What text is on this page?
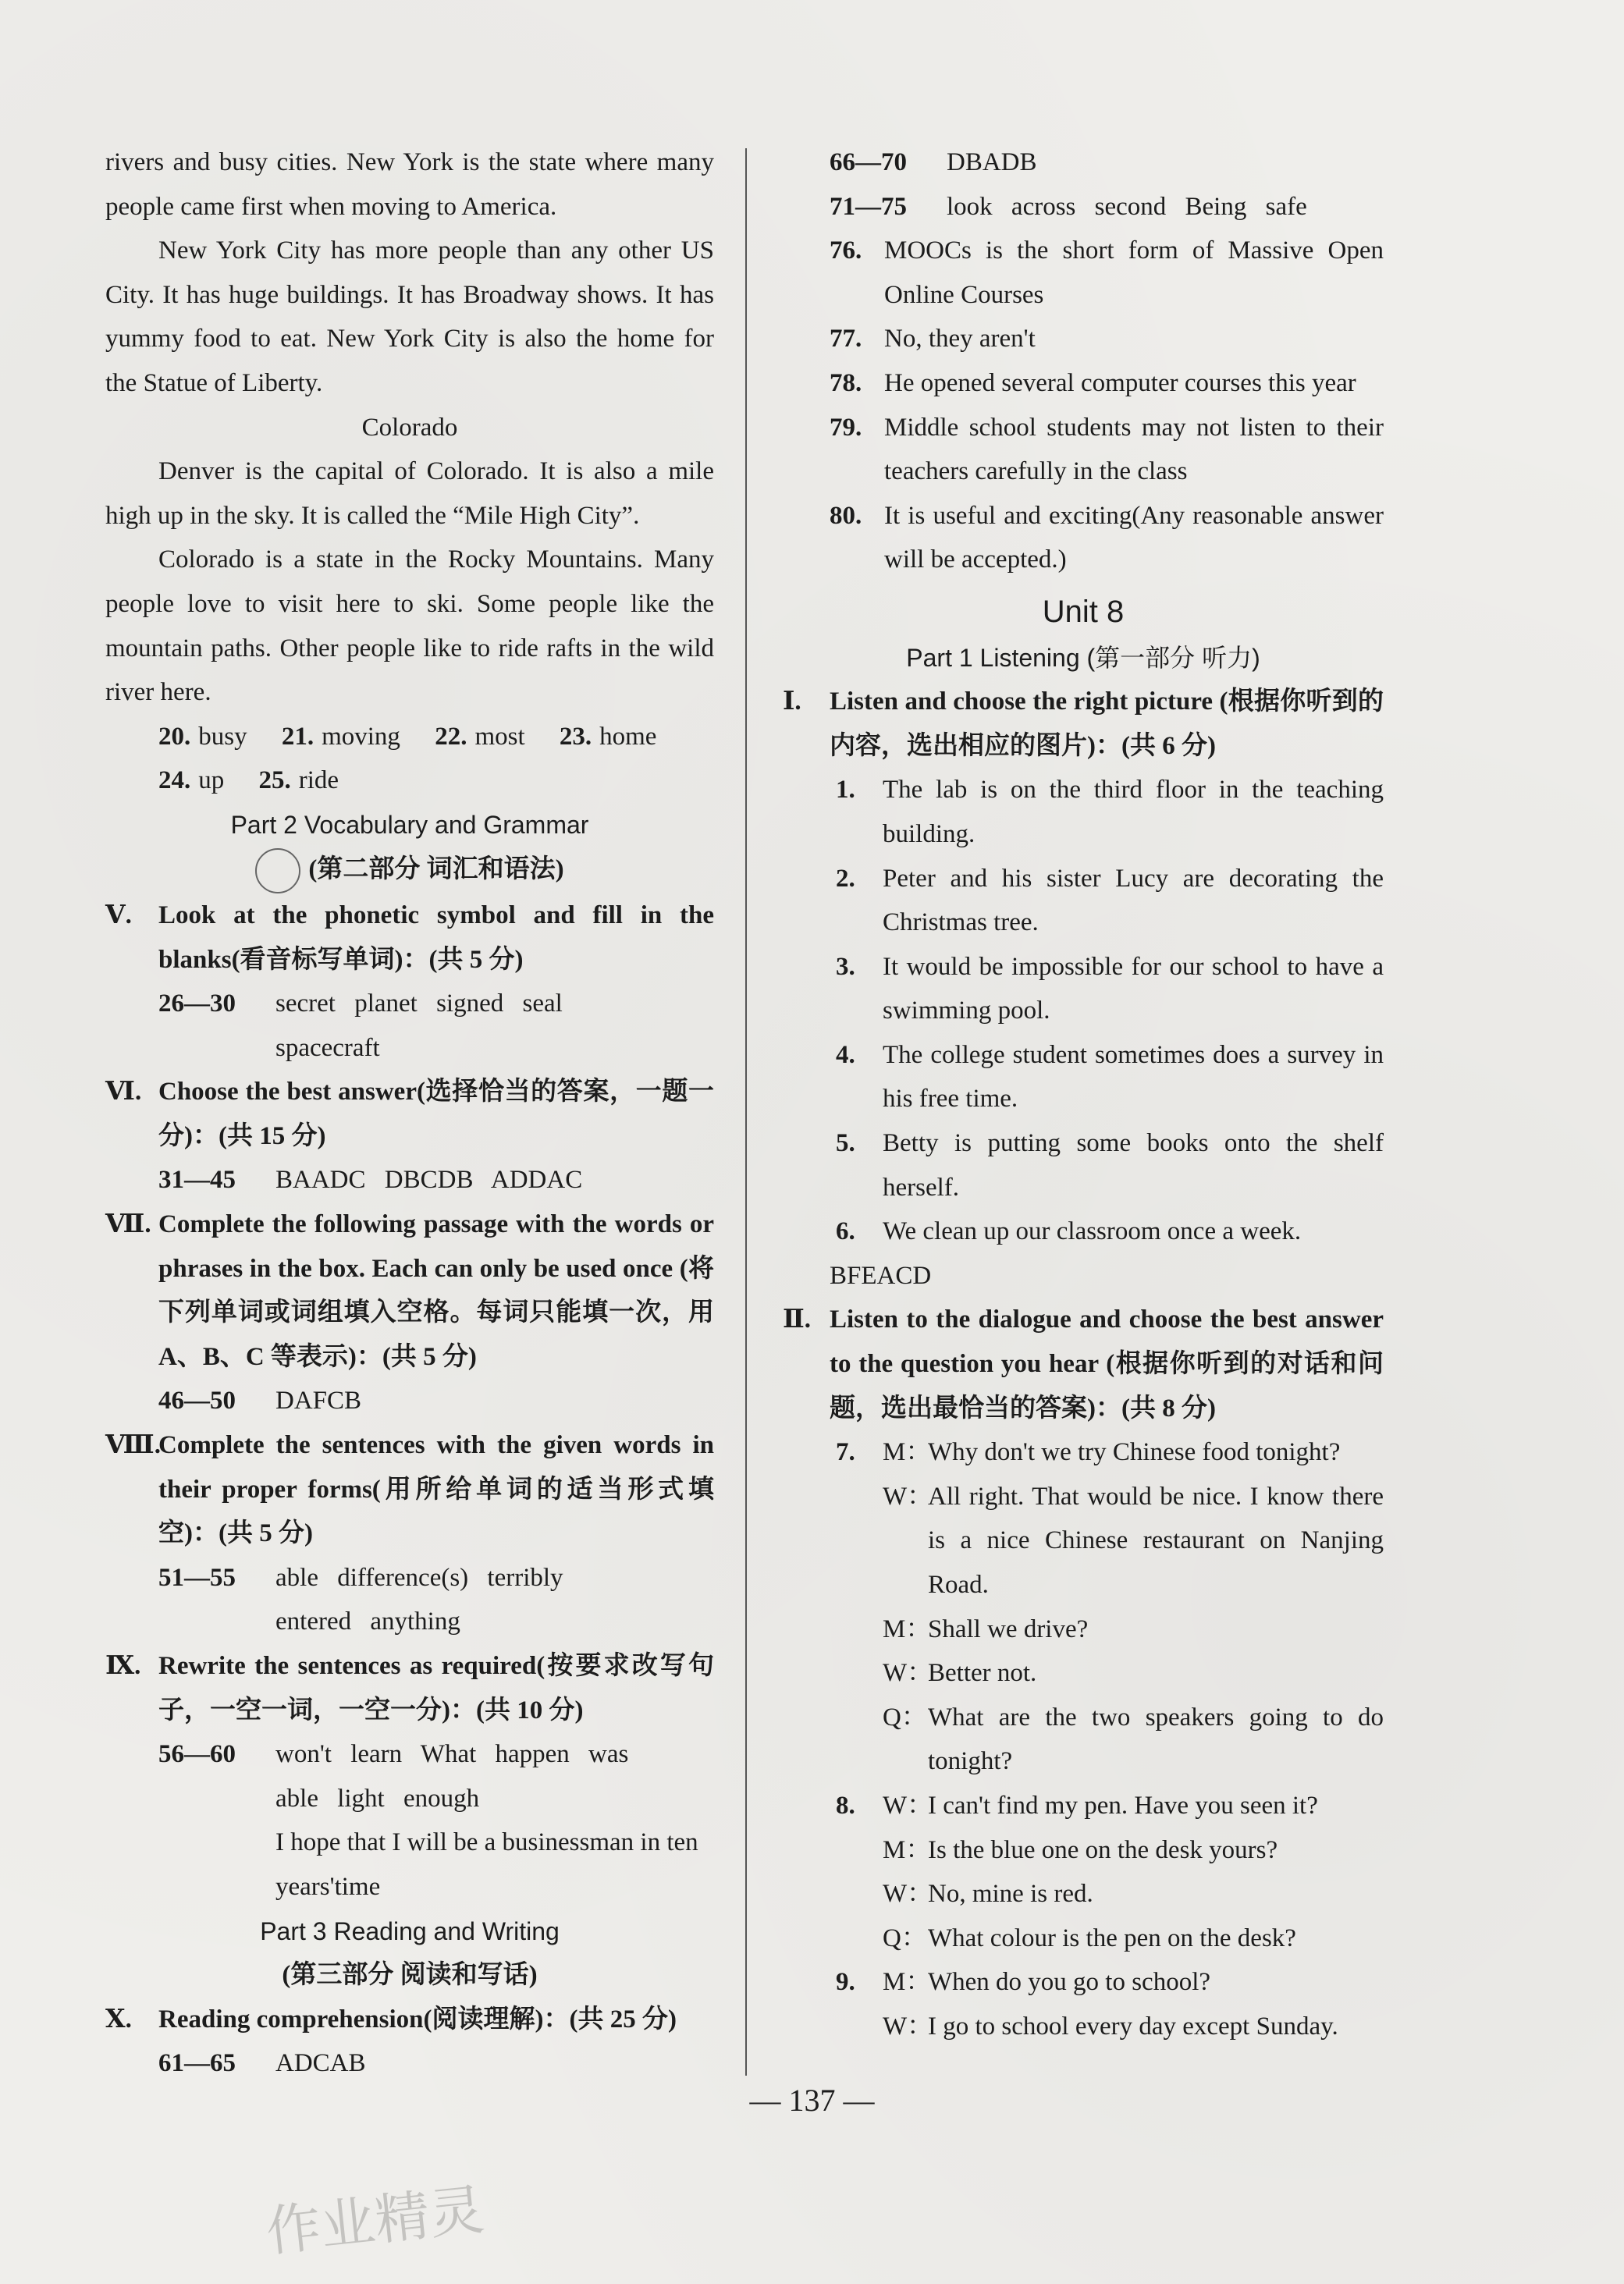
rivers and busy cities. New York is the state where many people came first when moving to America.
New York City has more people than any other US City. It has huge buildings. It has Broadway shows. It has yummy food to eat. New York City is also the home for the Statue of Liberty.
Colorado
Denver is the capital of Colorado. It is also a mile high up in the sky. It is called the “Mile High City”.
Colorado is a state in the Rocky Mountains. Many people love to visit here to ski. Some people like the mountain paths. Other people like to ride rafts in the wild river here.
20. busy 21. moving 22. most 23. home
24. up 25. ride
Part 2 Vocabulary and Grammar
(第二部分 词汇和语法)
Ⅴ.	Look at the phonetic symbol and fill in the blanks(看音标写单词)：(共 5 分)
26—30	secret planet signed seal
spacecraft
Ⅵ. Choose the best answer(选择恰当的答案，一题一分)：(共 15 分)
31—45	BAADC DBCDB ADDAC
Ⅶ. Complete the following passage with the words or phrases in the box. Each can only be used once (将下列单词或词组填入空格。每词只能填一次，用 A、B、C 等表示)：(共 5 分)
46—50	DAFCB
Ⅷ.
Complete the sentences with the given words in their proper forms(用所给单词的适当形式填空)：(共 5 分)
51—55	able difference(s) terribly
entered anything
Ⅸ. Rewrite the sentences as required(按要求改写句子，一空一词，一空一分)：(共 10 分)
56—60	won't learn What happen was
able light enough
I hope that I will be a businessman in ten years'time
Part 3 Reading and Writing
(第三部分 阅读和写话)
Ⅹ.	Reading comprehension(阅读理解)：(共 25 分)
61—65	ADCAB
66—70	DBADB
71—75	look across second Being safe
76. MOOCs is the short form of Massive Open Online Courses
77. No, they aren't
78. He opened several computer courses this year
79. Middle school students may not listen to their teachers carefully in the class
80. It is useful and exciting(Any reasonable answer will be accepted.)
Unit 8
Part 1 Listening (第一部分 听力)
Ⅰ.	Listen and choose the right picture (根据你听到的内容，选出相应的图片)：(共 6 分)
1.	The lab is on the third floor in the teaching building.
2.	Peter and his sister Lucy are decorating the Christmas tree.
3.	It would be impossible for our school to have a swimming pool.
4.	The college student sometimes does a survey in his free time.
5.	Betty is putting some books onto the shelf herself.
6.	We clean up our classroom once a week.
BFEACD
Ⅱ. Listen to the dialogue and choose the best answer to the question you hear (根据你听到的对话和问题，选出最恰当的答案)：(共 8 分)
7.	M：
Why don't we try Chinese food tonight?
W：
All right. That would be nice. I know there is a nice Chinese restaurant on Nanjing Road.
M：
Shall we drive?
W：
Better not.
Q： What are the two speakers going to do tonight?
8.	W：
I can't find my pen. Have you seen it?
M：
Is the blue one on the desk yours?
W：
No, mine is red.
Q： What colour is the pen on the desk?
9.	M：
When do you go to school?
W：
I go to school every day except Sunday.
— 137 —
作业精灵
